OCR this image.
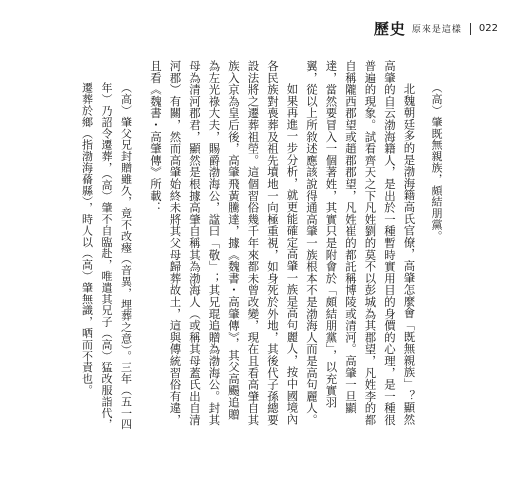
歷史 原來是這樣 022

（高）肇既無親族，頗結朋黨。

北魏朝廷多的是渤海籍高氏官僚，高肇怎麼會「既無親族」？顯然高肇的自云渤海籍人，是出於一種暫時實用目的身價的心理，是一種很普遍的現象。試看齊天之下凡姓劉的莫不以彭城為其郡望，凡姓李的都自稱隴西郡望或趙郡郡望，凡姓崔的都託稱博陵或清河。高肇一旦顯達，當然要冒入一個著姓，其實只是附會於「頗結朋黨」，以充實羽翼，從以上所敘述應該說得通高肇一族根本不是渤海人而是高句麗人。

如果再進一步分析，就更能確定高肇一族是高句麗人，按中國境內各民族對喪葬及祖先墳地一向極重視，如身死於外地，其後代子孫總要設法將之遷葬祖塋。這個習俗幾千年來都未曾改變，現在且看高肇自其族入京為皇后後，高肇飛黃騰達，據《魏書・高肇傳》，其父高颺追贈為左光祿大夫，賜爵渤海公，諡曰「敬」；其兄琨追贈為渤海公。封其母為清河郡君，顯然是根據高肇自稱其為渤海人（或稱其母蓋氏出自清河郡）有關，然而高肇始終未將其父母歸葬故土，這與傳統習俗有違，且看《魏書・高肇傳》所載：

（高）肇父兄封贈雖久，竟不改瘞（音異，埋葬之意）。三年（五一四年）乃詔令遷葬，（高）肇不自臨赴，唯遣其兄子（高）猛改服詣代，遷葬於鄉（指渤海蓨縣），時人以（高）肇無識，哂而不責也。
